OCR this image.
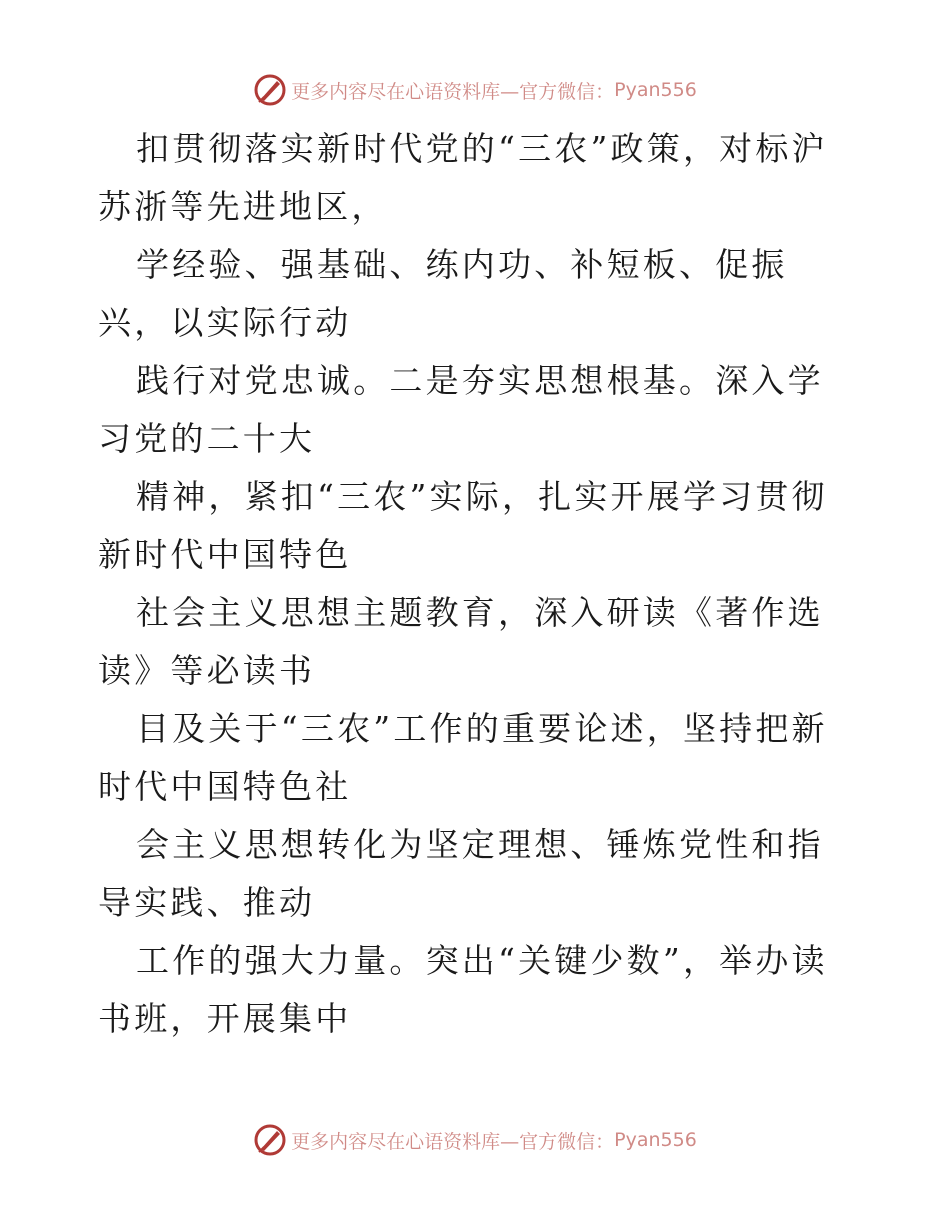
更多内容尽在心语资料库—官方微信： Pyan556

扣贯彻落实新时代党的“三农”政策，对标沪苏浙等先进地区，

学经验、强基础、练内功、补短板、促振兴，以实际行动

践行对党忠诚。二是夯实思想根基。深入学习党的二十大

精神，紧扣“三农”实际，扎实开展学习贯彻新时代中国特色

社会主义思想主题教育，深入研读《著作选读》等必读书

目及关于“三农”工作的重要论述，坚持把新时代中国特色社

会主义思想转化为坚定理想、锤炼党性和指导实践、推动

工作的强大力量。突出“关键少数”，举办读书班，开展集中

更多内容尽在心语资料库—官方微信： Pyan556
